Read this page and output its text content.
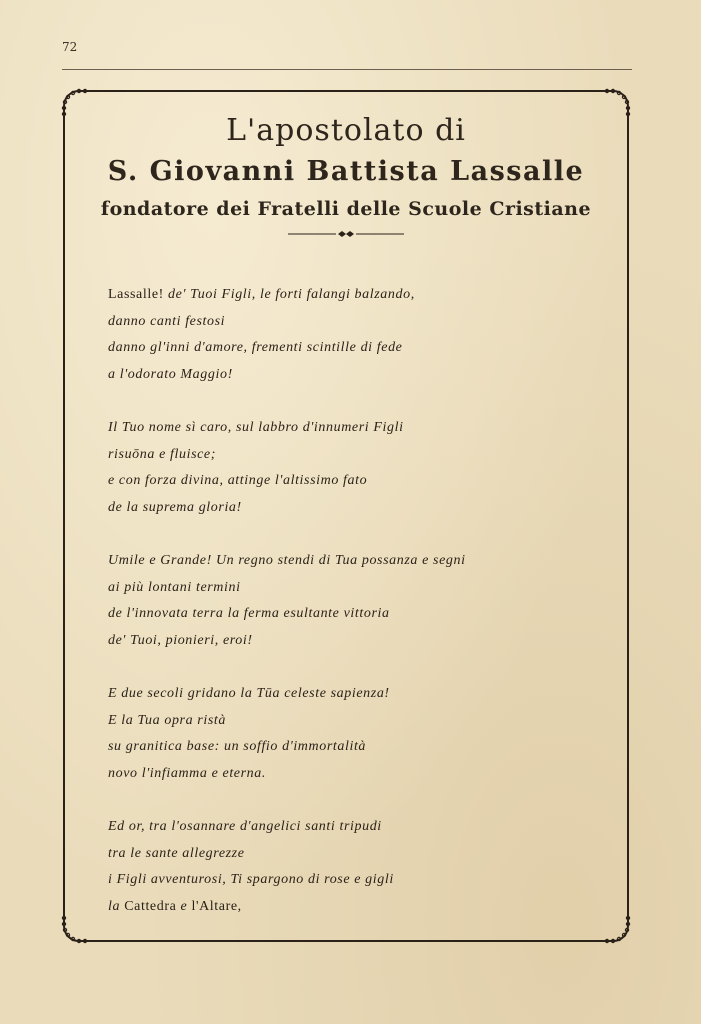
72
L'apostolato di
S. Giovanni Battista Lassalle
fondatore dei Fratelli delle Scuole Cristiane
Lassalle! de' Tuoi Figli, le forti falangi balzando,
danno canti festosi
danno gl'inni d'amore, frementi scintille di fede
a l'odorato Maggio!
Il Tuo nome sì caro, sul labbro d'innumeri Figli
risuōna e fluisce;
e con forza divina, attinge l'altissimo fato
de la suprema gloria!
Umile e Grande! Un regno stendi di Tua possanza e segni
ai più lontani termini
de l'innovata terra la ferma esultante vittoria
de' Tuoi, pionieri, eroi!
E due secoli gridano la Tūa celeste sapienza!
E la Tua opra ristà
su granitica base: un soffio d'immortalità
novo l'infiamma e eterna.
Ed or, tra l'osannare d'angelici santi tripudi
tra le sante allegrezze
i Figli avventurosi, Ti spargono di rose e gigli
la Cattedra e l'Altare,
